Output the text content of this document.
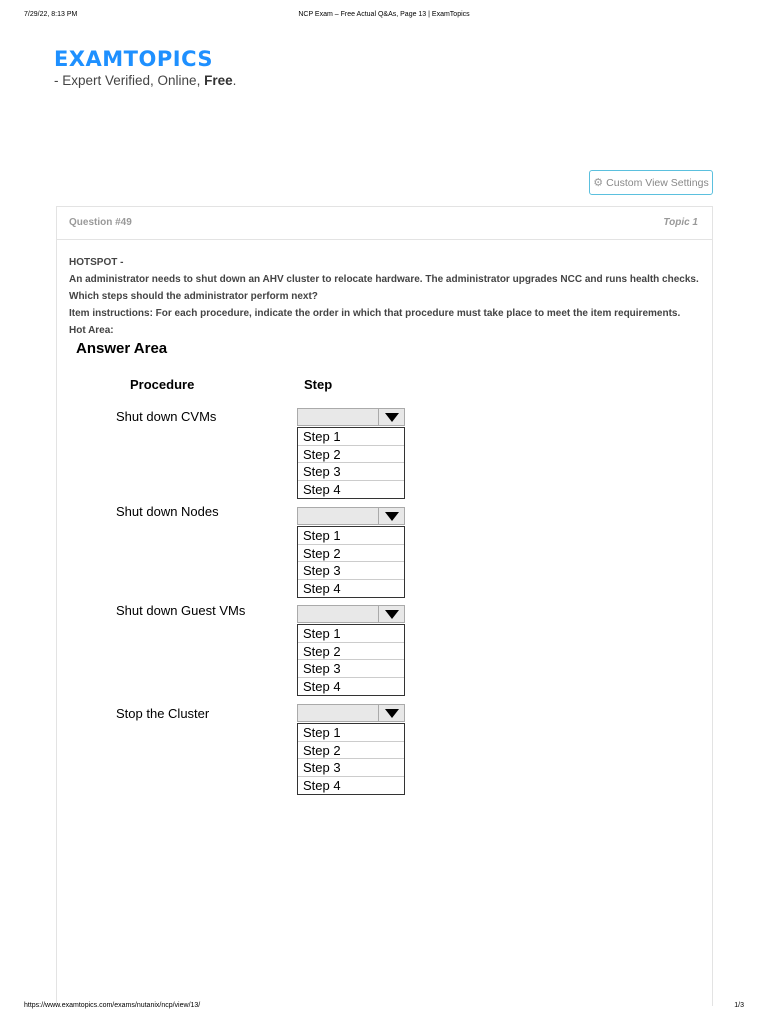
7/29/22, 8:13 PM	NCP Exam – Free Actual Q&As, Page 13 | ExamTopics
EXAMTOPICS
- Expert Verified, Online, Free.
⚙ Custom View Settings
Question #49	Topic 1
HOTSPOT -
An administrator needs to shut down an AHV cluster to relocate hardware. The administrator upgrades NCC and runs health checks.
Which steps should the administrator perform next?
Item instructions: For each procedure, indicate the order in which that procedure must take place to meet the item requirements.
Hot Area:
Answer Area
Procedure	Step
Shut down CVMs
Step 1
Step 2
Step 3
Step 4
Shut down Nodes
Step 1
Step 2
Step 3
Step 4
Shut down Guest VMs
Step 1
Step 2
Step 3
Step 4
Stop the Cluster
Step 1
Step 2
Step 3
Step 4
https://www.examtopics.com/exams/nutanix/ncp/view/13/	1/3
